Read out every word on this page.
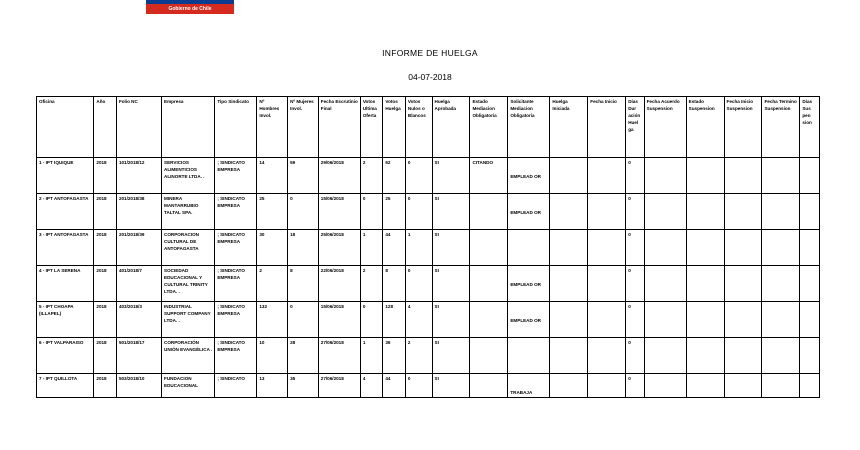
Gobierno de Chile
INFORME DE HUELGA
04-07-2018
Oficina	Año	Folio NC	Empresa	Tipo Sindicato	Nº Hombres Invol.	Nº Mujeres Invol.	Fecha Escrutinio Final	Votos Ultima Oferta	Votos Huelga	Votos Nulos o Blancos	Huelga Aprobada	Estado Mediacion Obligatoria	Solicitante Mediacion Obligatoria	Huelga Iniciada	Fecha Inicio	Días Dur ación Huel ga	Fecha Acuerdo Suspension	Estado Suspension	Fecha Inicio Suspension	Fecha Termino Suspension	Días Sus pen sion
1 - IPT IQUIQUE	2018	101/2018/12	SERVICIOS ALIMENTICIOS ALINORTE LTDA. .	; SINDICATO EMPRESA	14	59	29/06/2018	2	62	0	SI	CITANDO	EMPLEAD OR			0					
2 - IPT ANTOFAGASTA	2018	201/2018/38	MINERA MANTARRUBIO TALTAL SPA.	; SINDICATO EMPRESA	25	0	15/06/2018	0	25	0	SI		EMPLEAD OR			0					
3 - IPT ANTOFAGASTA	2018	201/2018/39	CORPORACION CULTURAL DE ANTOFAGASTA	; SINDICATO EMPRESA	30	18	25/06/2018	1	44	1	SI					0					
4 - IPT LA SERENA	2018	401/2018/7	SOCIEDAD EDUCACIONAL Y CULTURAL TRINITY LTDA. .	; SINDICATO EMPRESA	2	8	22/06/2018	2	8	0	SI		EMPLEAD OR			0					
5 - IPT CHOAPA (ILLAPEL)	2018	403/2018/3	INDUSTRIAL SUPPORT COMPANY LTDA. .	; SINDICATO EMPRESA	132	0	15/06/2018	0	128	4	SI		EMPLEAD OR			0					
6 - IPT VALPARAISO	2018	501/2018/17	CORPORACIÓN UNIÓN EVANGÉLICA .	; SINDICATO EMPRESA	10	28	27/06/2018	1	36	2	SI					0					
7 - IPT QUILLOTA	2018	503/2018/10	FUNDACION EDUCACIONAL	; SINDICATO	13	35	27/06/2018	4	44	0	SI		TRABAJA			0					
